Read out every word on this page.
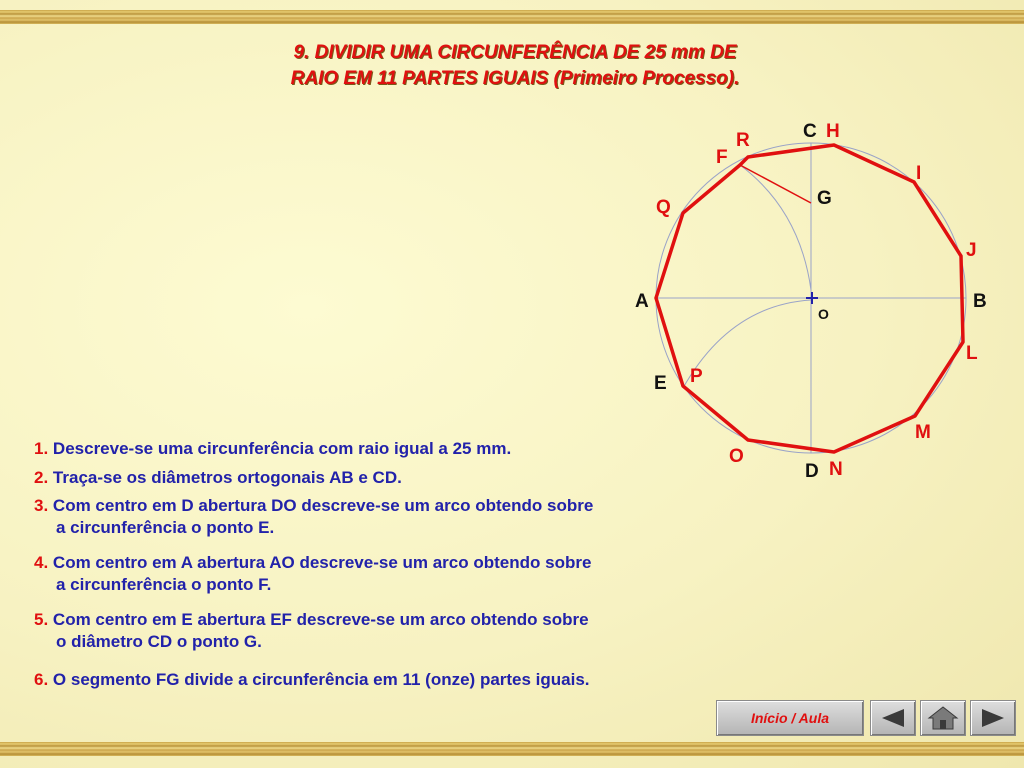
9. DIVIDIR UMA CIRCUNFERÊNCIA DE 25 mm DE
RAIO EM 11 PARTES IGUAIS (Primeiro Processo).
C H
R
F
I
G
Q
J
A	B
O
L
P
E
M
O
D N
1. Descreve-se uma circunferência com raio igual a 25 mm.
2. Traça-se os diâmetros ortogonais AB e CD.
3. Com centro em D abertura DO descreve-se um arco obtendo sobre
a circunferência o ponto E.
4. Com centro em A abertura AO descreve-se um arco obtendo sobre
a circunferência o ponto F.
5. Com centro em E abertura EF descreve-se um arco obtendo sobre
o diâmetro CD o ponto G.
6. O segmento FG divide a circunferência em 11 (onze) partes iguais.
Início / Aula
